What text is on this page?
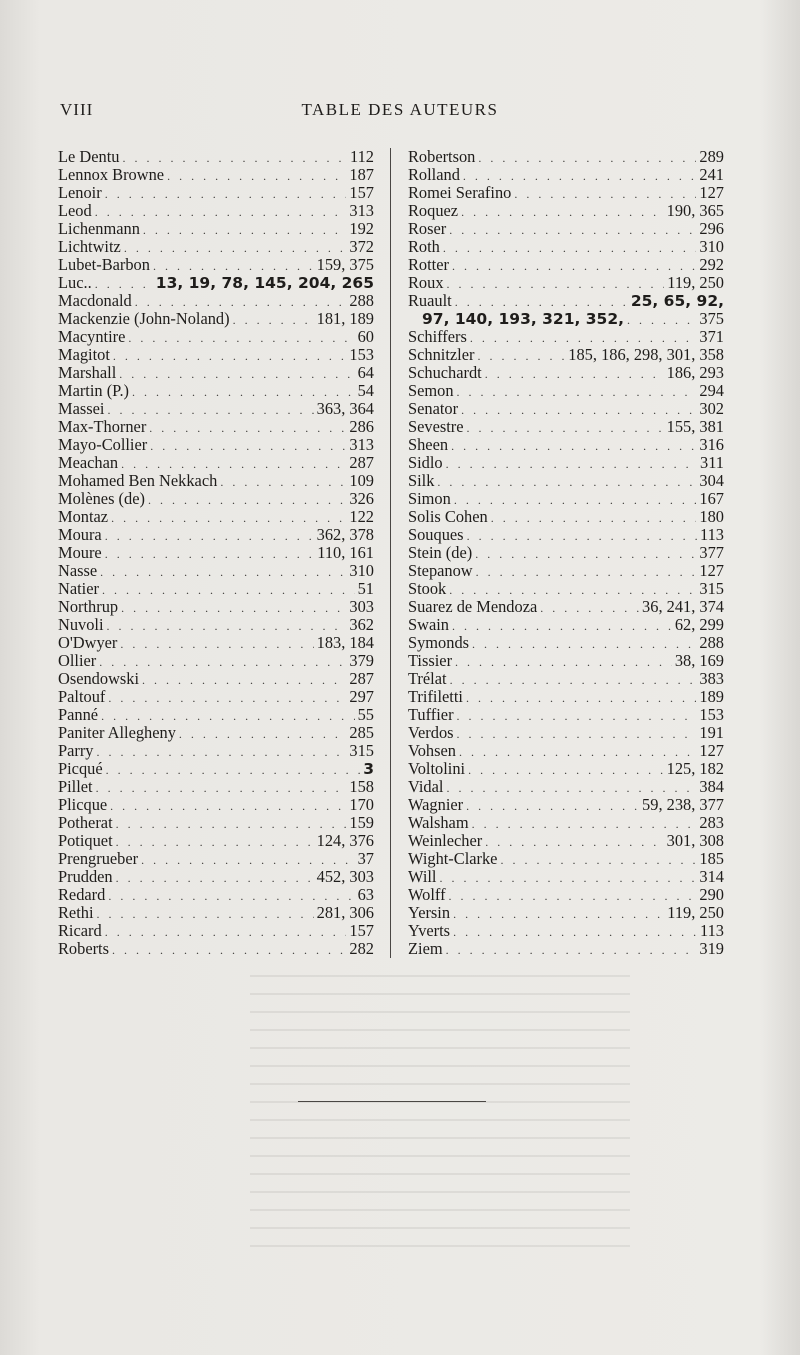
VIII	TABLE DES AUTEURS
Le Dentu . . .	112
Lennox Browne . . .	187
Lenoir . . .	157
Leod . . .	313
Lichenmann . . .	192
Lichtwitz . . .	372
Lubet-Barbon . . .	159, 375
Luc.. . . .	13, 19, 78, 145, 204, 265
Macdonald . . .	288
Mackenzie (John-Noland) . . .	181, 189
Macyntire . . .	60
Magitot . . .	153
Marshall . . .	64
Martin (P.) . . .	54
Massei . . .	363, 364
Max-Thorner . . .	286
Mayo-Collier . . .	313
Meachan . . .	287
Mohamed Ben Nekkach . . .	109
Molènes (de) . . .	326
Montaz . . .	122
Moura . . .	362, 378
Moure . . .	110, 161
Nasse . . .	310
Natier . . .	51
Northrup . . .	303
Nuvoli . . .	362
O'Dwyer . . .	183, 184
Ollier . . .	379
Osendowski . . .	287
Paltouf . . .	297
Panné . . .	55
Paniter Allegheny . . .	285
Parry . . .	315
Picqué . . .	3
Pillet . . .	158
Plicque . . .	170
Potherat . . .	159
Potiquet . . .	124, 376
Prengrueber . . .	37
Prudden . . .	452, 303
Redard . . .	63
Rethi . . .	281, 306
Ricard . . .	157
Roberts . . .	282
Robertson . . .	289
Rolland . . .	241
Romei Serafino . . .	127
Roquez . . .	190, 365
Roser . . .	296
Roth . . .	310
Rotter . . .	292
Roux . . .	119, 250
Ruault . . .	25, 65, 92,
97, 140, 193, 321, 352, . . .	375
Schiffers . . .	371
Schnitzler . . .	185, 186, 298, 301, 358
Schuchardt . . .	186, 293
Semon . . .	294
Senator . . .	302
Sevestre . . .	155, 381
Sheen . . .	316
Sidlo . . .	311
Silk . . .	304
Simon . . .	167
Solis Cohen . . .	180
Souques . . .	113
Stein (de) . . .	377
Stepanow . . .	127
Stook . . .	315
Suarez de Mendoza . . .	36, 241, 374
Swain . . .	62, 299
Symonds . . .	288
Tissier . . .	38, 169
Trélat . . .	383
Trifiletti . . .	189
Tuffier . . .	153
Verdos . . .	191
Vohsen . . .	127
Voltolini . . .	125, 182
Vidal . . .	384
Wagnier . . .	59, 238, 377
Walsham . . .	283
Weinlecher . . .	301, 308
Wight-Clarke . . .	185
Will . . .	314
Wolff . . .	290
Yersin . . .	119, 250
Yverts . . .	113
Ziem . . .	319
